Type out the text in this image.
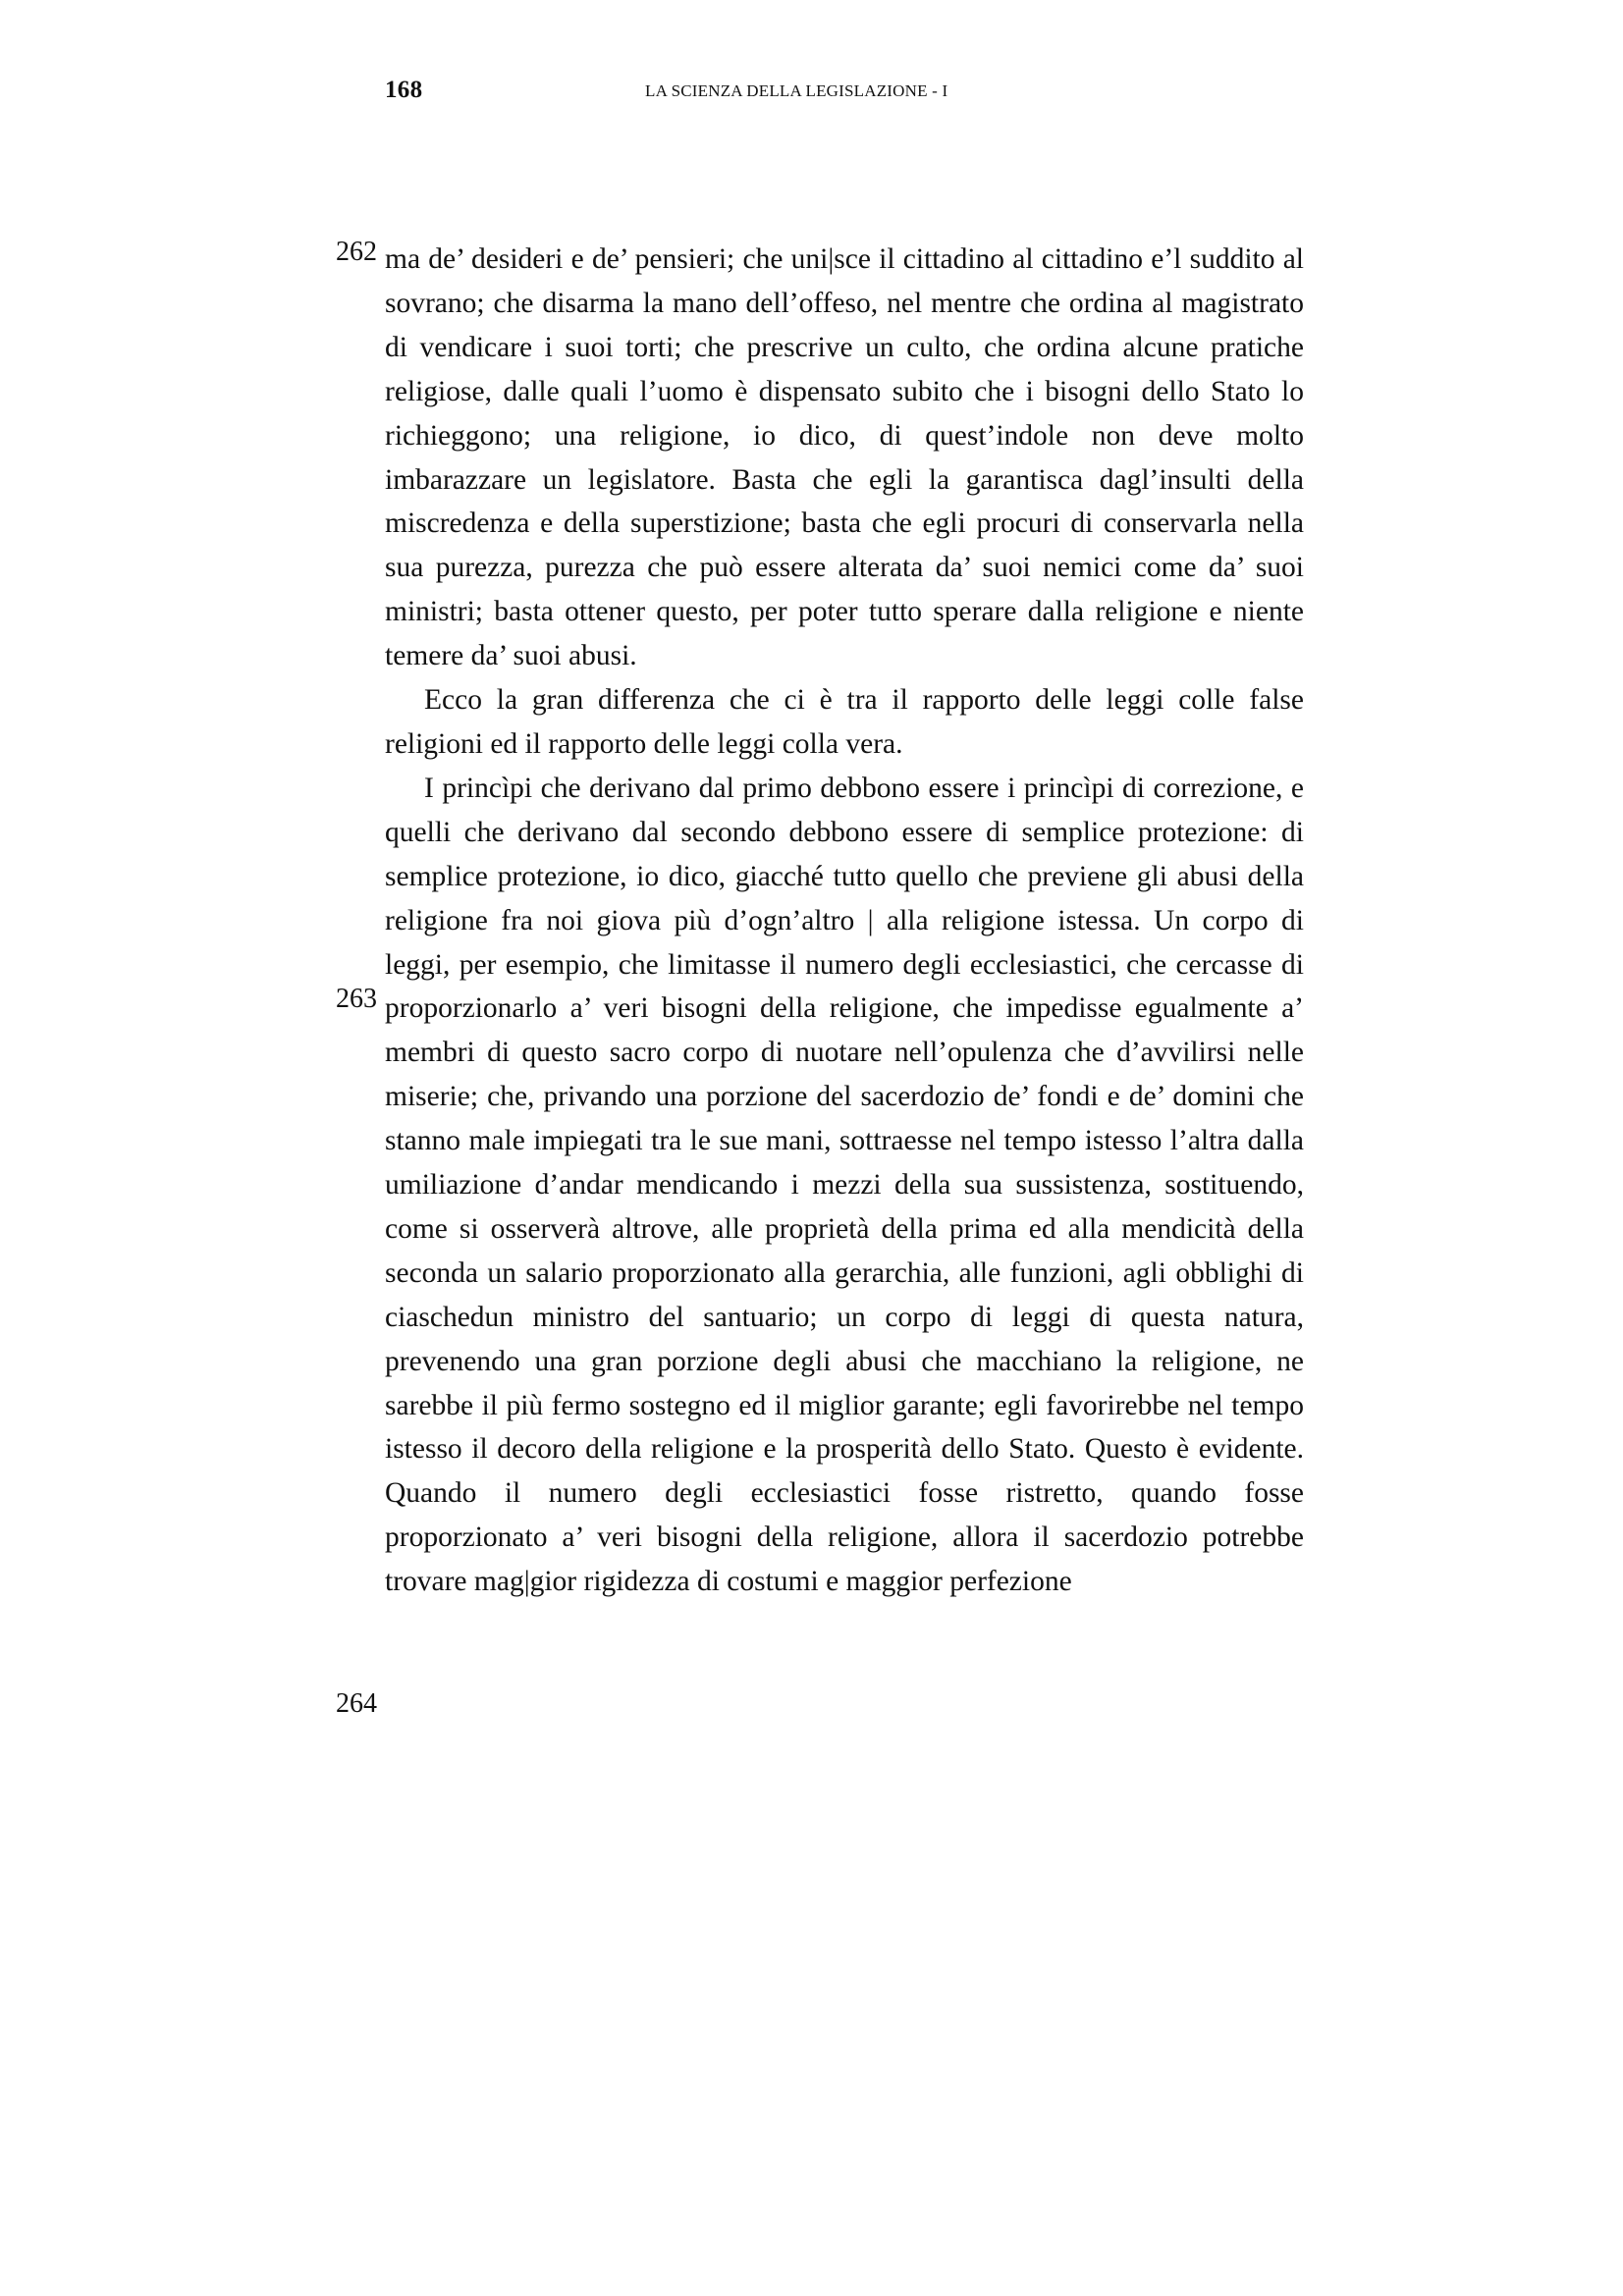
168	LA SCIENZA DELLA LEGISLAZIONE - I
262
263
264

ma de’ desideri e de’ pensieri; che uni|sce il cittadino al cittadino e’l suddito al sovrano; che disarma la mano dell’offeso, nel mentre che ordina al magistrato di vendicare i suoi torti; che prescrive un culto, che ordina alcune pratiche religiose, dalle quali l’uomo è dispensato subito che i bisogni dello Stato lo richieggono; una religione, io dico, di quest’indole non deve molto imbarazzare un legislatore. Basta che egli la garantisca dagl’insulti della miscredenza e della superstizione; basta che egli procuri di conservarla nella sua purezza, purezza che può essere alterata da’ suoi nemici come da’ suoi ministri; basta ottener questo, per poter tutto sperare dalla religione e niente temere da’ suoi abusi.

Ecco la gran differenza che ci è tra il rapporto delle leggi colle false religioni ed il rapporto delle leggi colla vera.

I princìpi che derivano dal primo debbono essere i princìpi di correzione, e quelli che derivano dal secondo debbono essere di semplice protezione: di semplice protezione, io dico, giacché tutto quello che previene gli abusi della religione fra noi giova più d’ogn’altro | alla religione istessa. Un corpo di leggi, per esempio, che limitasse il numero degli ecclesiastici, che cercasse di proporzionarlo a’ veri bisogni della religione, che impedisse egualmente a’ membri di questo sacro corpo di nuotare nell’opulenza che d’avvilirsi nelle miserie; che, privando una porzione del sacerdozio de’ fondi e de’ domini che stanno male impiegati tra le sue mani, sottraesse nel tempo istesso l’altra dalla umiliazione d’andar mendicando i mezzi della sua sussistenza, sostituendo, come si osserverà altrove, alle proprietà della prima ed alla mendicità della seconda un salario proporzionato alla gerarchia, alle funzioni, agli obblighi di ciaschedun ministro del santuario; un corpo di leggi di questa natura, prevenendo una gran porzione degli abusi che macchiano la religione, ne sarebbe il più fermo sostegno ed il miglior garante; egli favorirebbe nel tempo istesso il decoro della religione e la prosperità dello Stato. Questo è evidente. Quando il numero degli ecclesiastici fosse ristretto, quando fosse proporzionato a’ veri bisogni della religione, allora il sacerdozio potrebbe trovare mag|gior rigidezza di costumi e maggior perfezione
